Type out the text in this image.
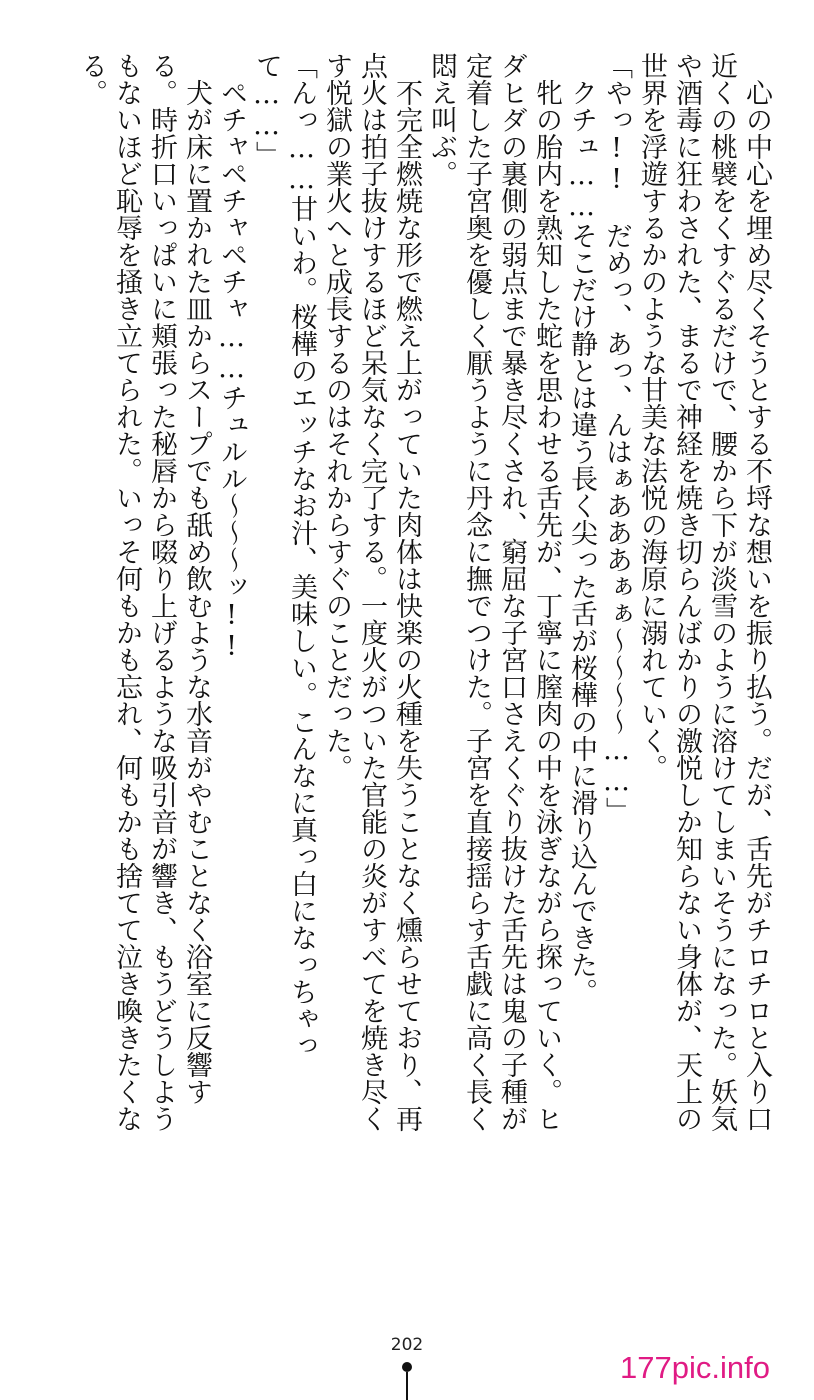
　心の中心を埋め尽くそうとする不埒な想いを振り払う。だが、舌先がチロチロと入り口近くの桃襞をくすぐるだけで、腰から下が淡雪のように溶けてしまいそうになった。妖気や酒毒に狂わされた、まるで神経を焼き切らんばかりの激悦しか知らない身体が、天上の世界を浮遊するかのような甘美な法悦の海原に溺れていく。

「やっ!!　だめっ、あっ、んはぁあああぁぁ～～～～……」

　クチュ……そこだけ静とは違う長く尖った舌が桜樺の中に滑り込んできた。

　牝の胎内を熟知した蛇を思わせる舌先が、丁寧に膣肉の中を泳ぎながら探っていく。ヒダヒダの裏側の弱点まで暴き尽くされ、窮屈な子宮口さえくぐり抜けた舌先は鬼の子種が定着した子宮奥を優しく厭うように丹念に撫でつけた。子宮を直接揺らす舌戯に高く長く悶え叫ぶ。

　不完全燃焼な形で燃え上がっていた肉体は快楽の火種を失うことなく燻らせており、再点火は拍子抜けするほど呆気なく完了する。一度火がついた官能の炎がすべてを焼き尽くす悦獄の業火へと成長するのはそれからすぐのことだった。

「んっ……甘いわ。桜樺のエッチなお汁、美味しい。こんなに真っ白になっちゃって……」

　ペチャペチャペチャ……チュルル～～～ッ!!

　犬が床に置かれた皿からスープでも舐め飲むような水音がやむことなく浴室に反響する。時折口いっぱいに頬張った秘唇から啜り上げるような吸引音が響き、もうどうしようもないほど恥辱を掻き立てられた。いっそ何もかも忘れ、何もかも捨てて泣き喚きたくなる。

202
177pic.info
